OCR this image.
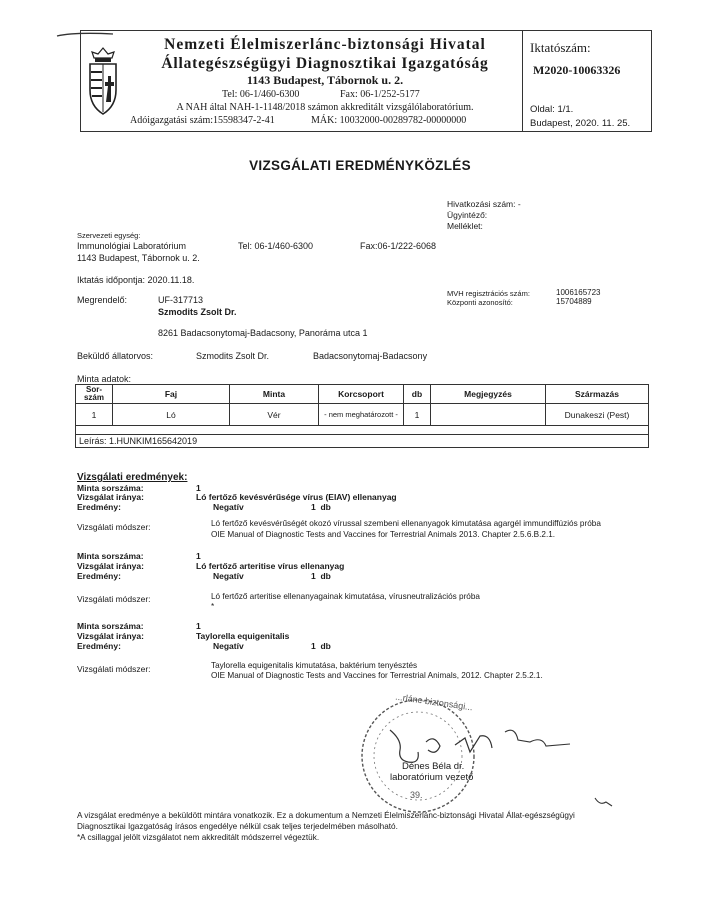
Nemzeti Élelmiszerlánc-biztonsági Hivatal
Állategészségügyi Diagnosztikai Igazgatóság
1143 Budapest, Tábornok u. 2.
Tel: 06-1/460-6300	Fax: 06-1/252-5177
A NAH által NAH-1-1148/2018 számon akkreditált vizsgálólaboratórium.
Adóigazgatási szám:15598347-2-41	MÁK: 10032000-00289782-00000000
Iktatószám:
M2020-10063326
Oldal: 1/1.
Budapest, 2020. 11. 25.
VIZSGÁLATI EREDMÉNYKÖZLÉS
Hivatkozási szám: -
Ügyintéző:
Melléklet:
Szervezeti egység:
Immunológiai Laboratórium
1143 Budapest, Tábornok u. 2.
Tel: 06-1/460-6300	Fax:06-1/222-6068
Iktatás időpontja: 2020.11.18.
MVH regisztrációs szám:	1006165723
Központi azonosító:	15704889
Megrendelő:	UF-317713
Szmodits Zsolt Dr.
8261 Badacsonytomaj-Badacsony, Panoráma utca 1
Beküldő állatorvos:	Szmodits Zsolt Dr.	Badacsonytomaj-Badacsony
Minta adatok:
Sor-szám	Faj	Minta	Korcsoport	db	Megjegyzés	Származás
1	Ló	Vér	- nem meghatározott -	1		Dunakeszi (Pest)

Leírás: 1.HUNKIM165642019						
Vizsgálati eredmények:
Minta sorszáma:	1
Vizsgálat iránya:	Ló fertőző kevésvérűsége vírus (EIAV) ellenanyag
Eredmény:	Negatív	1  db
Vizsgálati módszer:	Ló fertőző kevésvérűségét okozó vírussal szembeni ellenanyagok kimutatása agargél immundiffúziós próba
OIE Manual of Diagnostic Tests and Vaccines for Terrestrial Animals 2013. Chapter 2.5.6.B.2.1.
Minta sorszáma:	1
Vizsgálat iránya:	Ló fertőző arteritise vírus ellenanyag
Eredmény:	Negatív	1  db
Vizsgálati módszer:	Ló fertőző arteritise ellenanyagainak kimutatása, vírusneutralizációs próba
*
Minta sorszáma:	1
Vizsgálat iránya:	Taylorella equigenitalis
Eredmény:	Negatív	1  db
Vizsgálati módszer:	Taylorella equigenitalis kimutatása, baktérium tenyésztés
OIE Manual of Diagnostic Tests and Vaccines for Terrestrial Animals, 2012. Chapter 2.5.2.1.
...rlánc-biztonsági...
Dénes Béla dr.
laboratórium vezető
39.
A vizsgálat eredménye a beküldött mintára vonatkozik. Ez a dokumentum a Nemzeti Élelmiszerlánc-biztonsági Hivatal Állat-egészségügyi
Diagnosztikai Igazgatóság írásos engedélye nélkül csak teljes terjedelmében másolható.
*A csillaggal jelölt vizsgálatot nem akkreditált módszerrel végeztük.
